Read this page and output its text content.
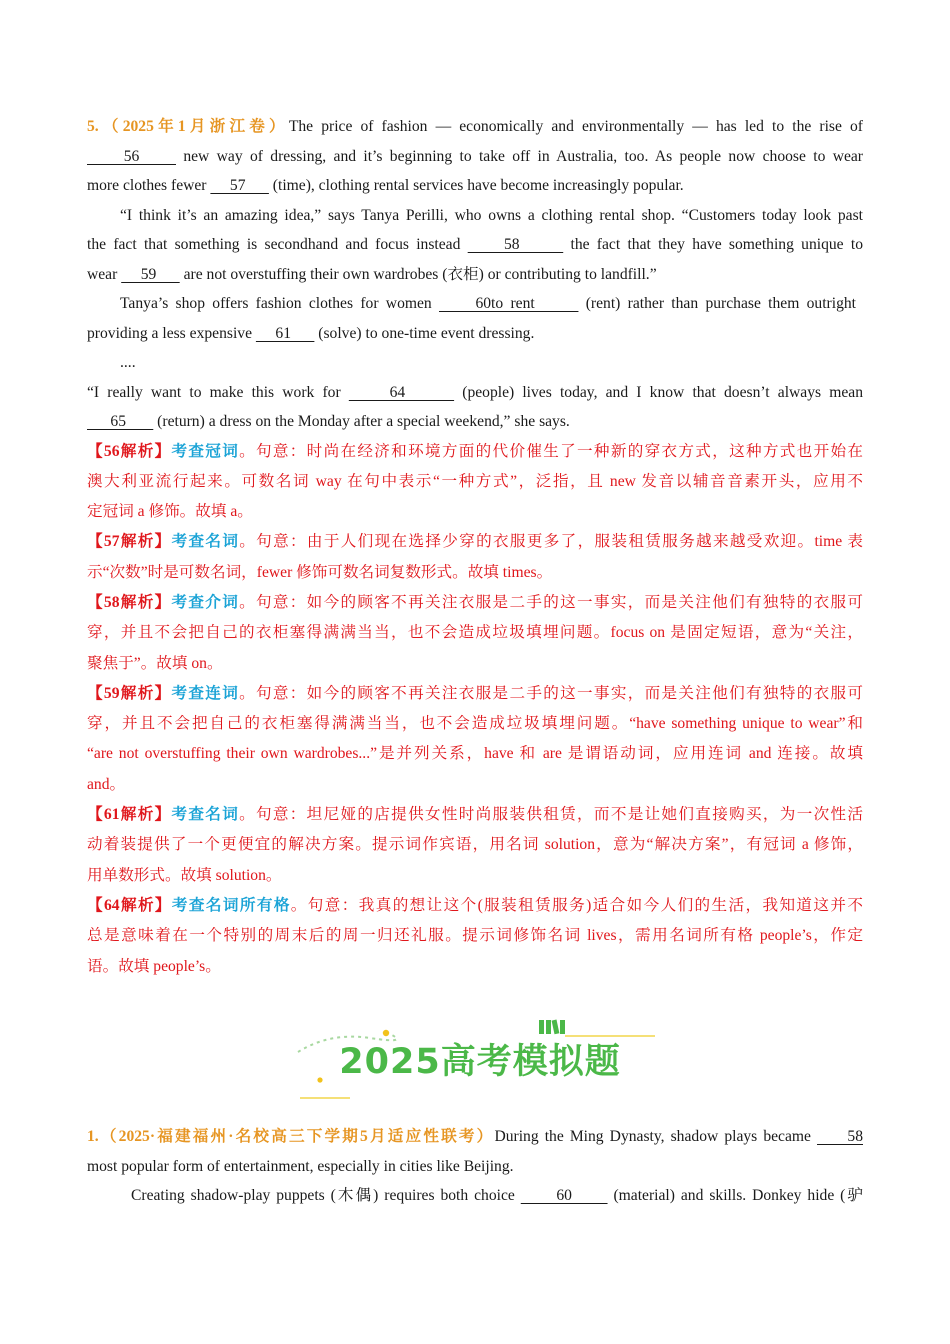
5.（2025年1月浙江卷）The price of fashion — economically and environmentally — has led to the rise of
56      new way of dressing, and it’s beginning to take off in Australia, too. As people now choose to wear
more clothes fewer      57       (time), clothing rental services have become increasingly popular.
“I think it’s an amazing idea,” says Tanya Perilli, who owns a clothing rental shop. “Customers today look past
the fact that something is secondhand and focus instead      58       the fact that they have something unique to
wear      59       are not overstuffing their own wardrobes (衣柜) or contributing to landfill.”
Tanya’s shop offers fashion clothes for women      60to rent       (rent) rather than purchase them outright
providing a less expensive      61       (solve) to one-time event dressing.
....
“I really want to make this work for      64       (people) lives today, and I know that doesn’t always mean
65        (return) a dress on the Monday after a special weekend,” she says.
【56解析】考查冠词。句意：时尚在经济和环境方面的代价催生了一种新的穿衣方式，这种方式也开始在
澳大利亚流行起来。可数名词 way 在句中表示“一种方式”，泛指，且 new 发音以辅音音素开头，应用不
定冠词 a 修饰。故填 a。
【57解析】考查名词。句意：由于人们现在选择少穿的衣服更多了，服装租赁服务越来越受欢迎。time 表
示“次数”时是可数名词，fewer 修饰可数名词复数形式。故填 times。
【58解析】考查介词。句意：如今的顾客不再关注衣服是二手的这一事实，而是关注他们有独特的衣服可
穿，并且不会把自己的衣柜塞得满满当当，也不会造成垃圾填埋问题。focus on 是固定短语，意为“关注，
聚焦于”。故填 on。
【59解析】考查连词。句意：如今的顾客不再关注衣服是二手的这一事实，而是关注他们有独特的衣服可
穿，并且不会把自己的衣柜塞得满满当当，也不会造成垃圾填埋问题。“have something unique to wear”和
“are not overstuffing their own wardrobes...”是并列关系，have 和 are 是谓语动词，应用连词 and 连接。故填
and。
【61解析】考查名词。句意：坦尼娅的店提供女性时尚服装供租赁，而不是让她们直接购买，为一次性活
动着装提供了一个更便宜的解决方案。提示词作宾语，用名词 solution，意为“解决方案”，有冠词 a 修饰，
用单数形式。故填 solution。
【64解析】考查名词所有格。句意：我真的想让这个(服装租赁服务)适合如今人们的生活，我知道这并不
总是意味着在一个特别的周末后的周一归还礼服。提示词修饰名词 lives，需用名词所有格 people’s，作定
语。故填 people’s。
2025高考模拟题
1.（2025·福建福州·名校高三下学期5月适应性联考）During the Ming Dynasty, shadow plays became      58
most popular form of entertainment, especially in cities like Beijing.
Creating shadow-play puppets (木偶) requires both choice       60       (material) and skills. Donkey hide (驴
